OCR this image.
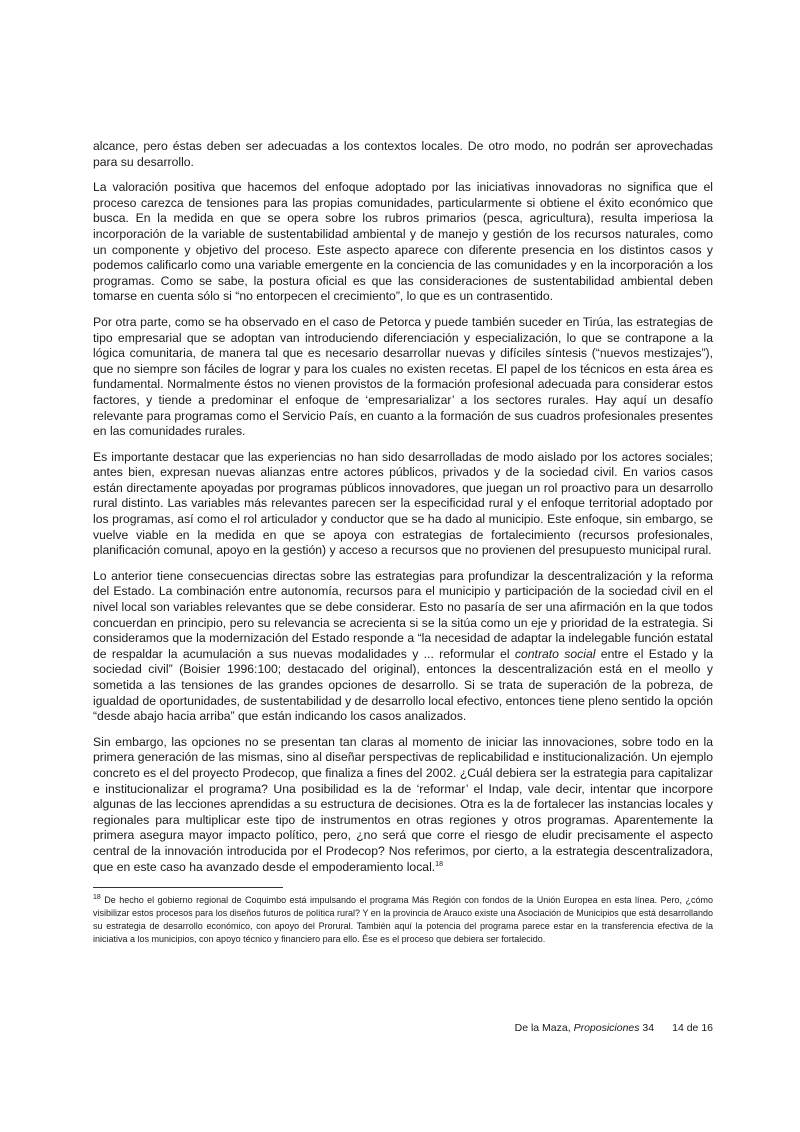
alcance, pero éstas deben ser adecuadas a los contextos locales. De otro modo, no podrán ser aprovechadas para su desarrollo.

La valoración positiva que hacemos del enfoque adoptado por las iniciativas innovadoras no significa que el proceso carezca de tensiones para las propias comunidades, particularmente si obtiene el éxito económico que busca. En la medida en que se opera sobre los rubros primarios (pesca, agricultura), resulta imperiosa la incorporación de la variable de sustentabilidad ambiental y de manejo y gestión de los recursos naturales, como un componente y objetivo del proceso. Este aspecto aparece con diferente presencia en los distintos casos y podemos calificarlo como una variable emergente en la conciencia de las comunidades y en la incorporación a los programas. Como se sabe, la postura oficial es que las consideraciones de sustentabilidad ambiental deben tomarse en cuenta sólo si “no entorpecen el crecimiento”, lo que es un contrasentido.

Por otra parte, como se ha observado en el caso de Petorca y puede también suceder en Tirúa, las estrategias de tipo empresarial que se adoptan van introduciendo diferenciación y especialización, lo que se contrapone a la lógica comunitaria, de manera tal que es necesario desarrollar nuevas y difíciles síntesis (“nuevos mestizajes”), que no siempre son fáciles de lograr y para los cuales no existen recetas. El papel de los técnicos en esta área es fundamental. Normalmente éstos no vienen provistos de la formación profesional adecuada para considerar estos factores, y tiende a predominar el enfoque de ‘empresarializar’ a los sectores rurales. Hay aquí un desafío relevante para programas como el Servicio País, en cuanto a la formación de sus cuadros profesionales presentes en las comunidades rurales.

Es importante destacar que las experiencias no han sido desarrolladas de modo aislado por los actores sociales; antes bien, expresan nuevas alianzas entre actores públicos, privados y de la sociedad civil. En varios casos están directamente apoyadas por programas públicos innovadores, que juegan un rol proactivo para un desarrollo rural distinto. Las variables más relevantes parecen ser la especificidad rural y el enfoque territorial adoptado por los programas, así como el rol articulador y conductor que se ha dado al municipio. Este enfoque, sin embargo, se vuelve viable en la medida en que se apoya con estrategias de fortalecimiento (recursos profesionales, planificación comunal, apoyo en la gestión) y acceso a recursos que no provienen del presupuesto municipal rural.

Lo anterior tiene consecuencias directas sobre las estrategias para profundizar la descentralización y la reforma del Estado. La combinación entre autonomía, recursos para el municipio y participación de la sociedad civil en el nivel local son variables relevantes que se debe considerar. Esto no pasaría de ser una afirmación en la que todos concuerdan en principio, pero su relevancia se acrecienta si se la sitúa como un eje y prioridad de la estrategia. Si consideramos que la modernización del Estado responde a “la necesidad de adaptar la indelegable función estatal de respaldar la acumulación a sus nuevas modalidades y ... reformular el contrato social entre el Estado y la sociedad civil” (Boisier 1996:100; destacado del original), entonces la descentralización está en el meollo y sometida a las tensiones de las grandes opciones de desarrollo. Si se trata de superación de la pobreza, de igualdad de oportunidades, de sustentabilidad y de desarrollo local efectivo, entonces tiene pleno sentido la opción “desde abajo hacia arriba” que están indicando los casos analizados.

Sin embargo, las opciones no se presentan tan claras al momento de iniciar las innovaciones, sobre todo en la primera generación de las mismas, sino al diseñar perspectivas de replicabilidad e institucionalización. Un ejemplo concreto es el del proyecto Prodecop, que finaliza a fines del 2002. ¿Cuál debiera ser la estrategia para capitalizar e institucionalizar el programa? Una posibilidad es la de ‘reformar’ el Indap, vale decir, intentar que incorpore algunas de las lecciones aprendidas a su estructura de decisiones. Otra es la de fortalecer las instancias locales y regionales para multiplicar este tipo de instrumentos en otras regiones y otros programas. Aparentemente la primera asegura mayor impacto político, pero, ¿no será que corre el riesgo de eludir precisamente el aspecto central de la innovación introducida por el Prodecop? Nos referimos, por cierto, a la estrategia descentralizadora, que en este caso ha avanzado desde el empoderamiento local.$^{18}$

$^{18}$ De hecho el gobierno regional de Coquimbo está impulsando el programa Más Región con fondos de la Unión Europea en esta línea. Pero, ¿cómo visibilizar estos procesos para los diseños futuros de política rural? Y en la provincia de Arauco existe una Asociación de Municipios que está desarrollando su estrategia de desarrollo económico, con apoyo del Prorural. También aquí la potencia del programa parece estar en la transferencia efectiva de la iniciativa a los municipios, con apoyo técnico y financiero para ello. Ése es el proceso que debiera ser fortalecido.

De la Maza, Proposiciones 34 14 de 16
